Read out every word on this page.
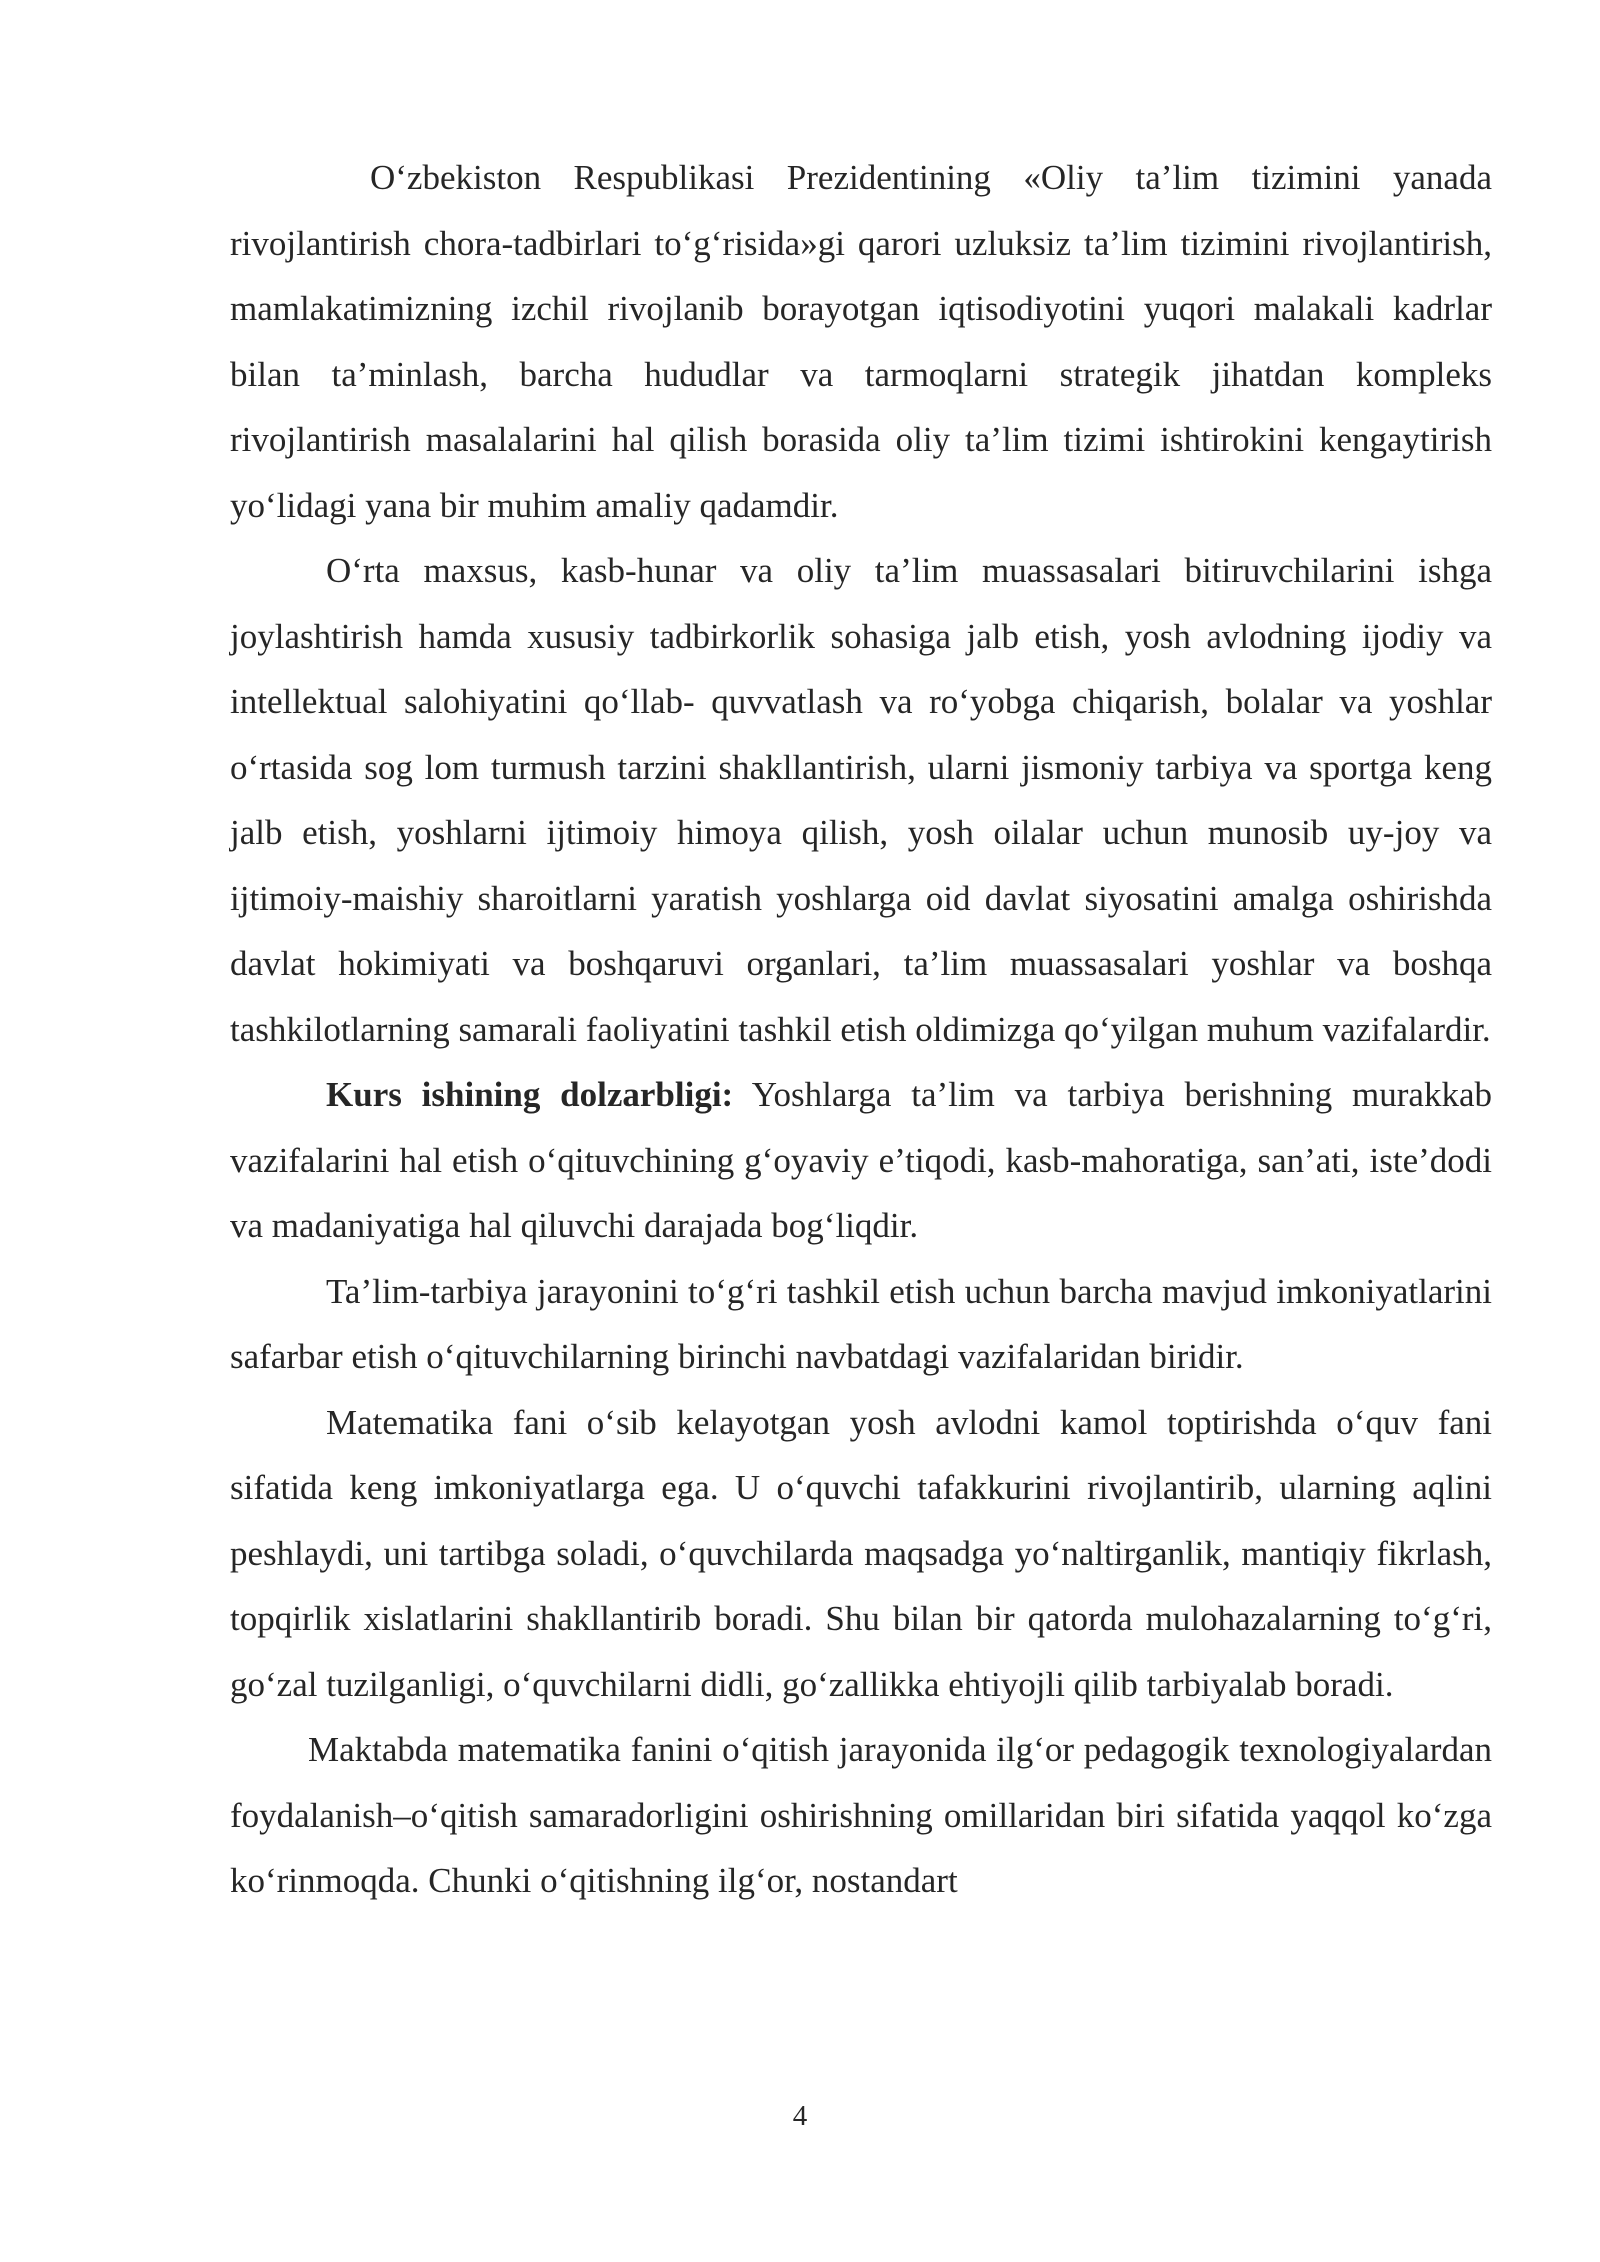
O‘zbekiston Respublikasi Prezidentining «Oliy ta’lim tizimini yanada rivojlantirish chora-tadbirlari to‘g‘risida»gi qarori uzluksiz ta’lim tizimini rivojlantirish, mamlakatimizning izchil rivojlanib borayotgan iqtisodiyotini yuqori malakali kadrlar bilan ta’minlash, barcha hududlar va tarmoqlarni strategik jihatdan kompleks rivojlantirish masalalarini hal qilish borasida oliy ta’lim tizimi ishtirokini kengaytirish yo‘lidagi yana bir muhim amaliy qadamdir.

O‘rta maxsus, kasb-hunar va oliy ta’lim muassasalari bitiruvchilarini ishga joylashtirish hamda xususiy tadbirkorlik sohasiga jalb etish, yosh avlodning ijodiy va intellektual salohiyatini qo‘llab- quvvatlash va ro‘yobga chiqarish, bolalar va yoshlar o‘rtasida sog lom turmush tarzini shakllantirish, ularni jismoniy tarbiya va sportga keng jalb etish, yoshlarni ijtimoiy himoya qilish, yosh oilalar uchun munosib uy-joy va ijtimoiy-maishiy sharoitlarni yaratish yoshlarga oid davlat siyosatini amalga oshirishda davlat hokimiyati va boshqaruvi organlari, ta’lim muassasalari yoshlar va boshqa tashkilotlarning samarali faoliyatini tashkil etish oldimizga qo‘yilgan muhum vazifalardir.

Kurs ishining dolzarbligi: Yoshlarga ta’lim va tarbiya berishning murakkab vazifalarini hal etish o‘qituvchining g‘oyaviy e’tiqodi, kasb-mahoratiga, san’ati, iste’dodi va madaniyatiga hal qiluvchi darajada bog‘liqdir.

Ta’lim-tarbiya jarayonini to‘g‘ri tashkil etish uchun barcha mavjud imkoniyatlarini safarbar etish o‘qituvchilarning birinchi navbatdagi vazifalaridan biridir.

Matematika fani o‘sib kelayotgan yosh avlodni kamol toptirishda o‘quv fani sifatida keng imkoniyatlarga ega. U o‘quvchi tafakkurini rivojlantirib, ularning aqlini peshlaydi, uni tartibga soladi, o‘quvchilarda maqsadga yo‘naltirganlik, mantiqiy fikrlash, topqirlik xislatlarini shakllantirib boradi. Shu bilan bir qatorda mulohazalarning to‘g‘ri, go‘zal tuzilganligi, o‘quvchilarni didli, go‘zallikka ehtiyojli qilib tarbiyalab boradi.

Maktabda matematika fanini o‘qitish jarayonida ilg‘or pedagogik texnologiyalardan foydalanish–o‘qitish samaradorligini oshirishning omillaridan biri sifatida yaqqol ko‘zga ko‘rinmoqda. Chunki o‘qitishning ilg‘or, nostandart

4
